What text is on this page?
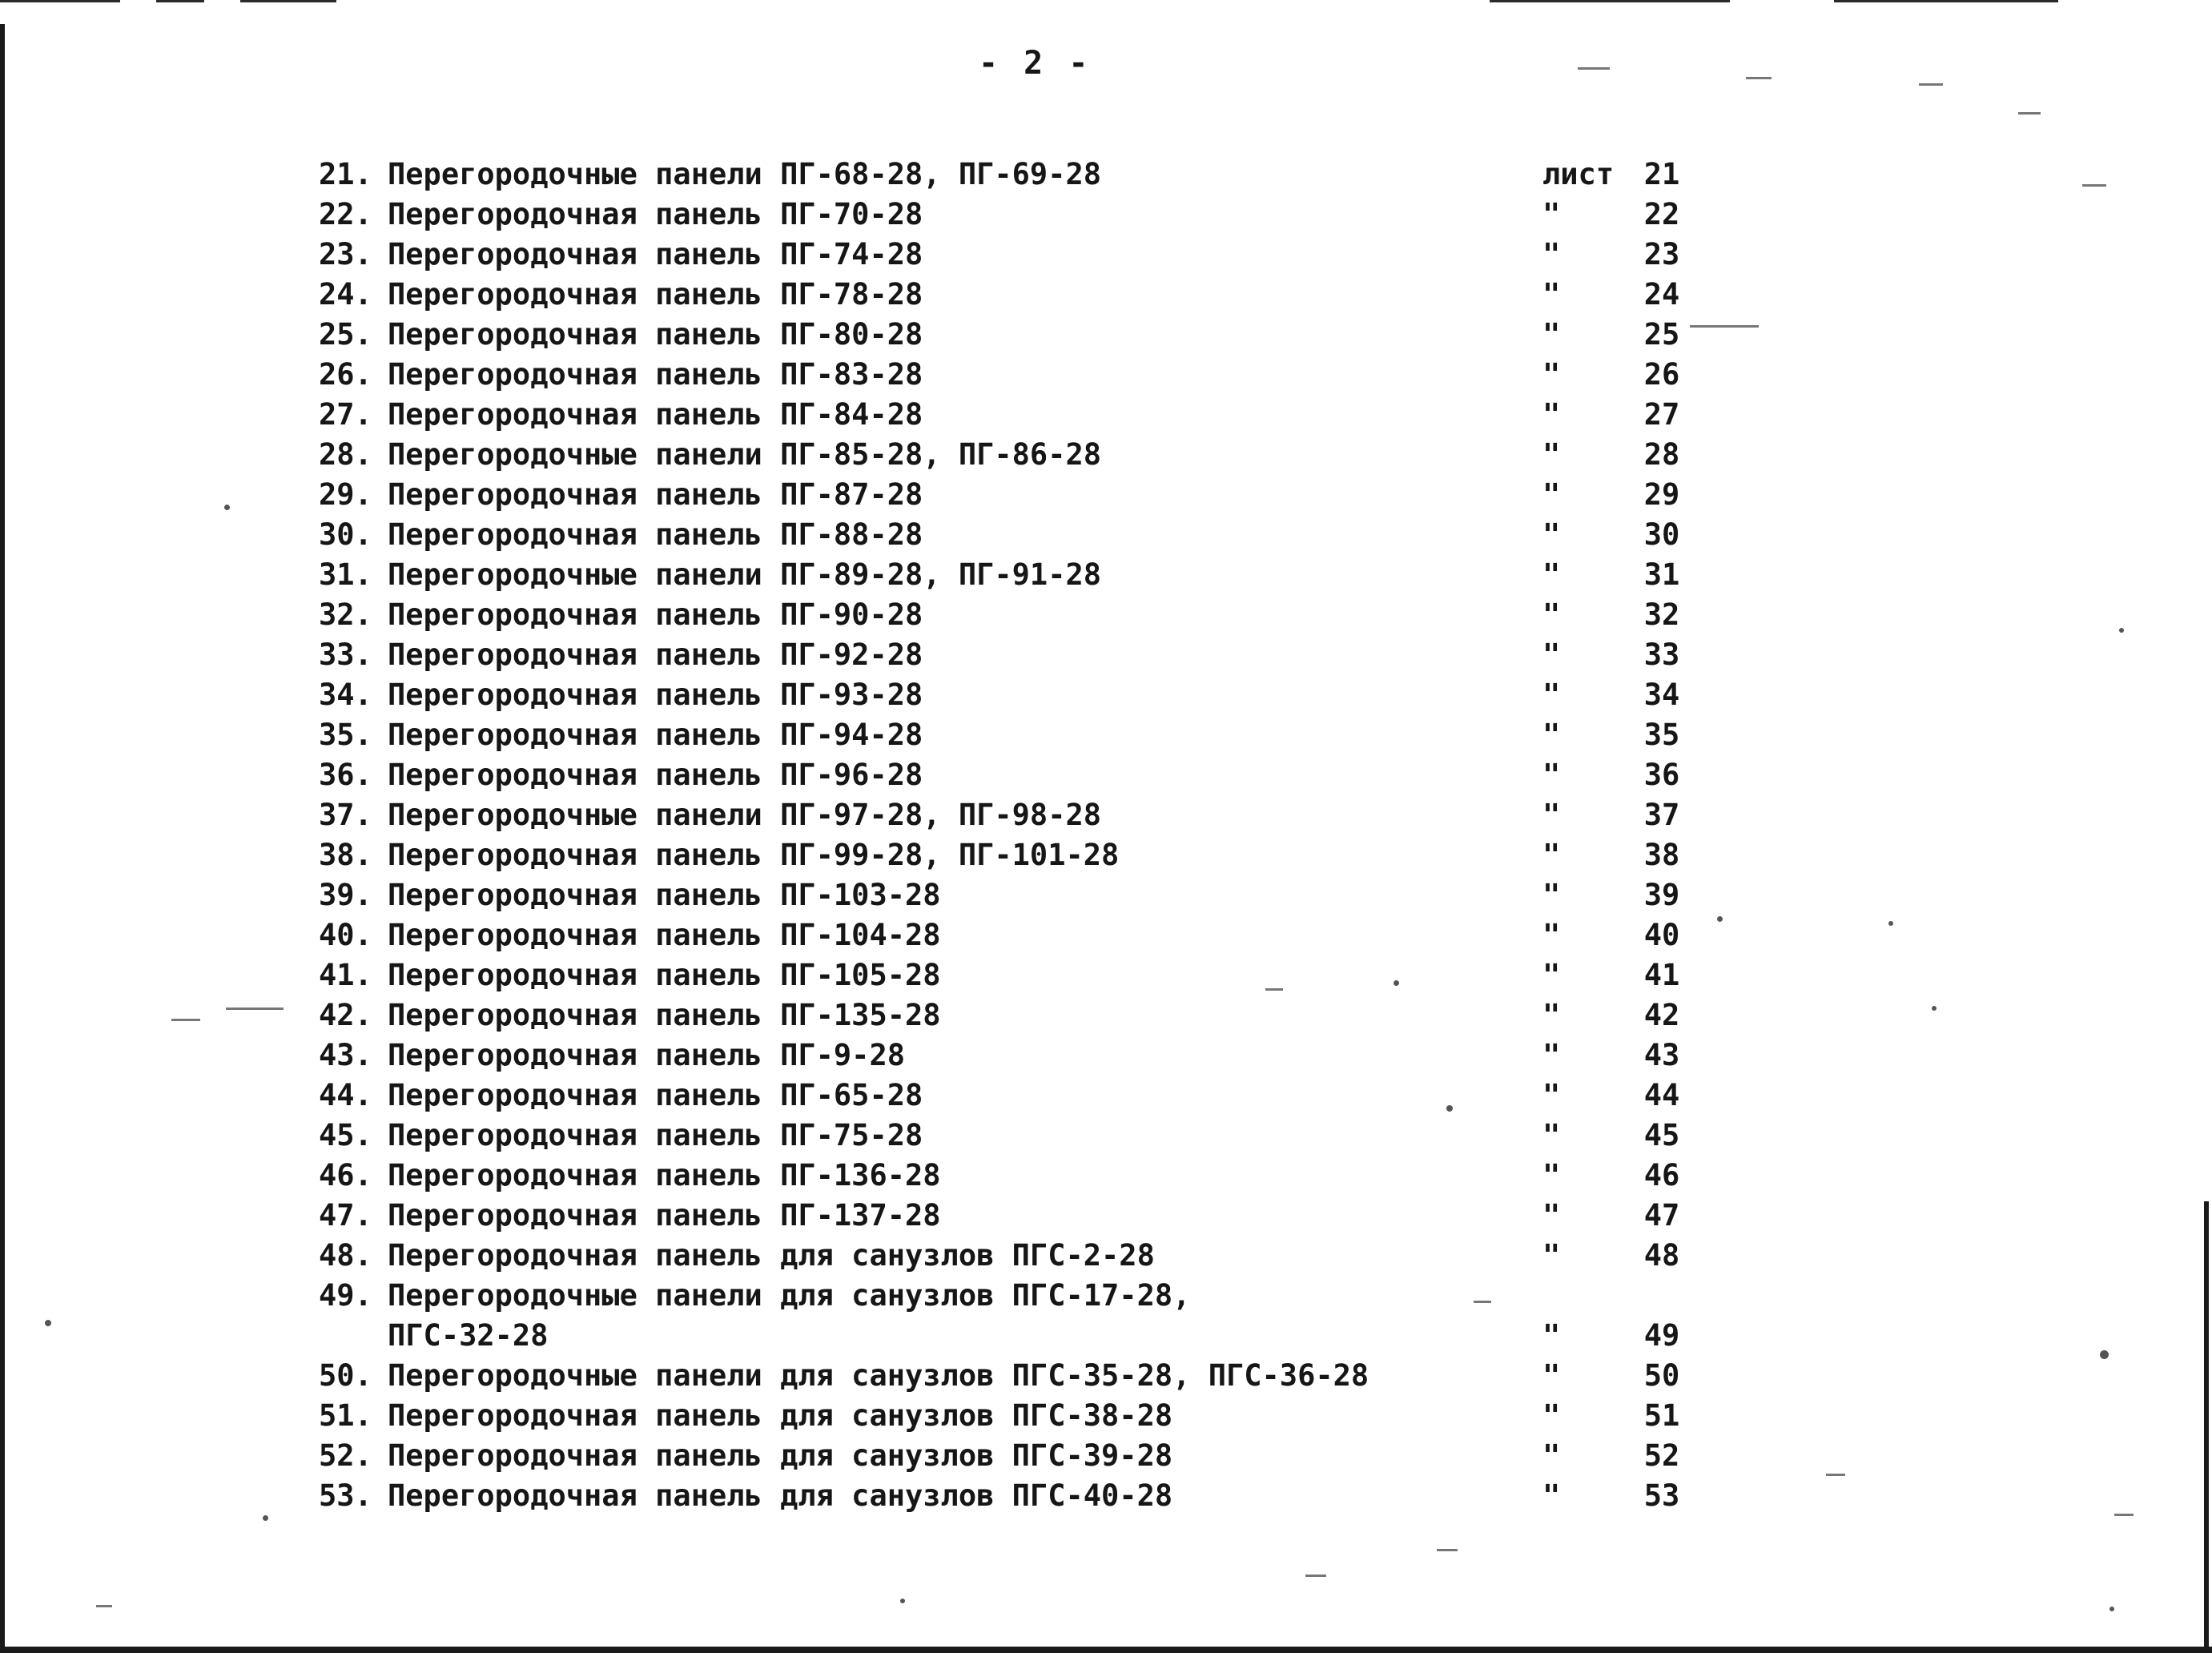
- 2 -
21. Перегородочные панели ПГ-68-28, ПГ-69-28	лист	21
22. Перегородочная панель ПГ-70-28	"	22
23. Перегородочная панель ПГ-74-28	"	23
24. Перегородочная панель ПГ-78-28	"	24
25. Перегородочная панель ПГ-80-28	"	25
26. Перегородочная панель ПГ-83-28	"	26
27. Перегородочная панель ПГ-84-28	"	27
28. Перегородочные панели ПГ-85-28, ПГ-86-28	"	28
29. Перегородочная панель ПГ-87-28	"	29
30. Перегородочная панель ПГ-88-28	"	30
31. Перегородочные панели ПГ-89-28, ПГ-91-28	"	31
32. Перегородочная панель ПГ-90-28	"	32
33. Перегородочная панель ПГ-92-28	"	33
34. Перегородочная панель ПГ-93-28	"	34
35. Перегородочная панель ПГ-94-28	"	35
36. Перегородочная панель ПГ-96-28	"	36
37. Перегородочные панели ПГ-97-28, ПГ-98-28	"	37
38. Перегородочная панель ПГ-99-28, ПГ-101-28	"	38
39. Перегородочная панель ПГ-103-28	"	39
40. Перегородочная панель ПГ-104-28	"	40
41. Перегородочная панель ПГ-105-28	"	41
42. Перегородочная панель ПГ-135-28	"	42
43. Перегородочная панель ПГ-9-28	"	43
44. Перегородочная панель ПГ-65-28	"	44
45. Перегородочная панель ПГ-75-28	"	45
46. Перегородочная панель ПГ-136-28	"	46
47. Перегородочная панель ПГ-137-28	"	47
48. Перегородочная панель для санузлов ПГС-2-28	"	48
49. Перегородочные панели для санузлов ПГС-17-28,
ПГС-32-28	"	49
50. Перегородочные панели для санузлов ПГС-35-28, ПГС-36-28	"	50
51. Перегородочная панель для санузлов ПГС-38-28	"	51
52. Перегородочная панель для санузлов ПГС-39-28	"	52
53. Перегородочная панель для санузлов ПГС-40-28	"	53
